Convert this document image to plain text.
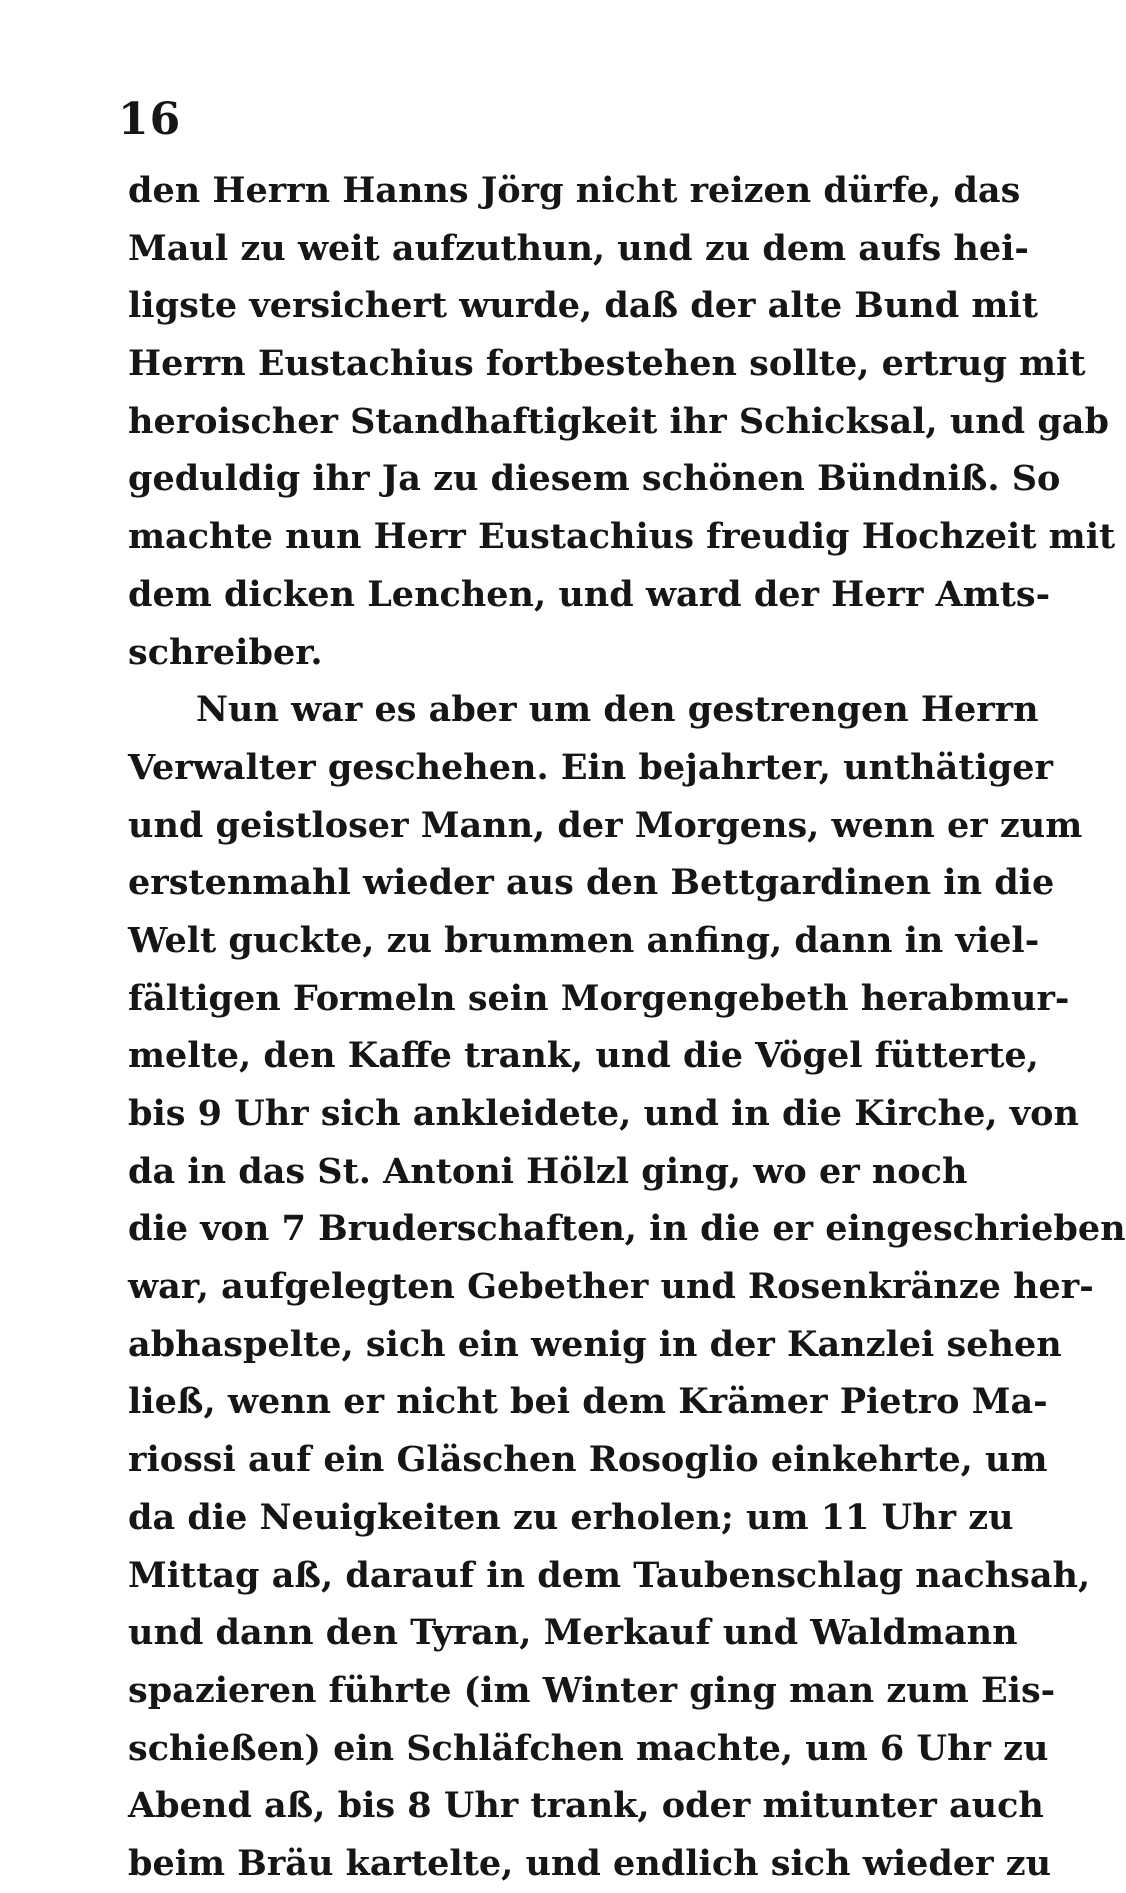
16
den Herrn Hanns Jörg nicht reizen dürfe, das
Maul zu weit aufzuthun, und zu dem aufs hei-
ligste versichert wurde, daß der alte Bund mit
Herrn Eustachius fortbestehen sollte, ertrug mit
heroischer Standhaftigkeit ihr Schicksal, und gab
geduldig ihr Ja zu diesem schönen Bündniß. So
machte nun Herr Eustachius freudig Hochzeit mit
dem dicken Lenchen, und ward der Herr Amts-
schreiber.
Nun war es aber um den gestrengen Herrn
Verwalter geschehen. Ein bejahrter, unthätiger
und geistloser Mann, der Morgens, wenn er zum
erstenmahl wieder aus den Bettgardinen in die
Welt guckte, zu brummen anfing, dann in viel-
fältigen Formeln sein Morgengebeth herabmur-
melte, den Kaffe trank, und die Vögel fütterte,
bis 9 Uhr sich ankleidete, und in die Kirche, von
da in das St. Antoni Hölzl ging, wo er noch
die von 7 Bruderschaften, in die er eingeschrieben
war, aufgelegten Gebether und Rosenkränze her-
abhaspelte, sich ein wenig in der Kanzlei sehen
ließ, wenn er nicht bei dem Krämer Pietro Ma-
riossi auf ein Gläschen Rosoglio einkehrte, um
da die Neuigkeiten zu erholen; um 11 Uhr zu
Mittag aß, darauf in dem Taubenschlag nachsah,
und dann den Tyran, Merkauf und Waldmann
spazieren führte (im Winter ging man zum Eis-
schießen) ein Schläfchen machte, um 6 Uhr zu
Abend aß, bis 8 Uhr trank, oder mitunter auch
beim Bräu kartelte, und endlich sich wieder zu
